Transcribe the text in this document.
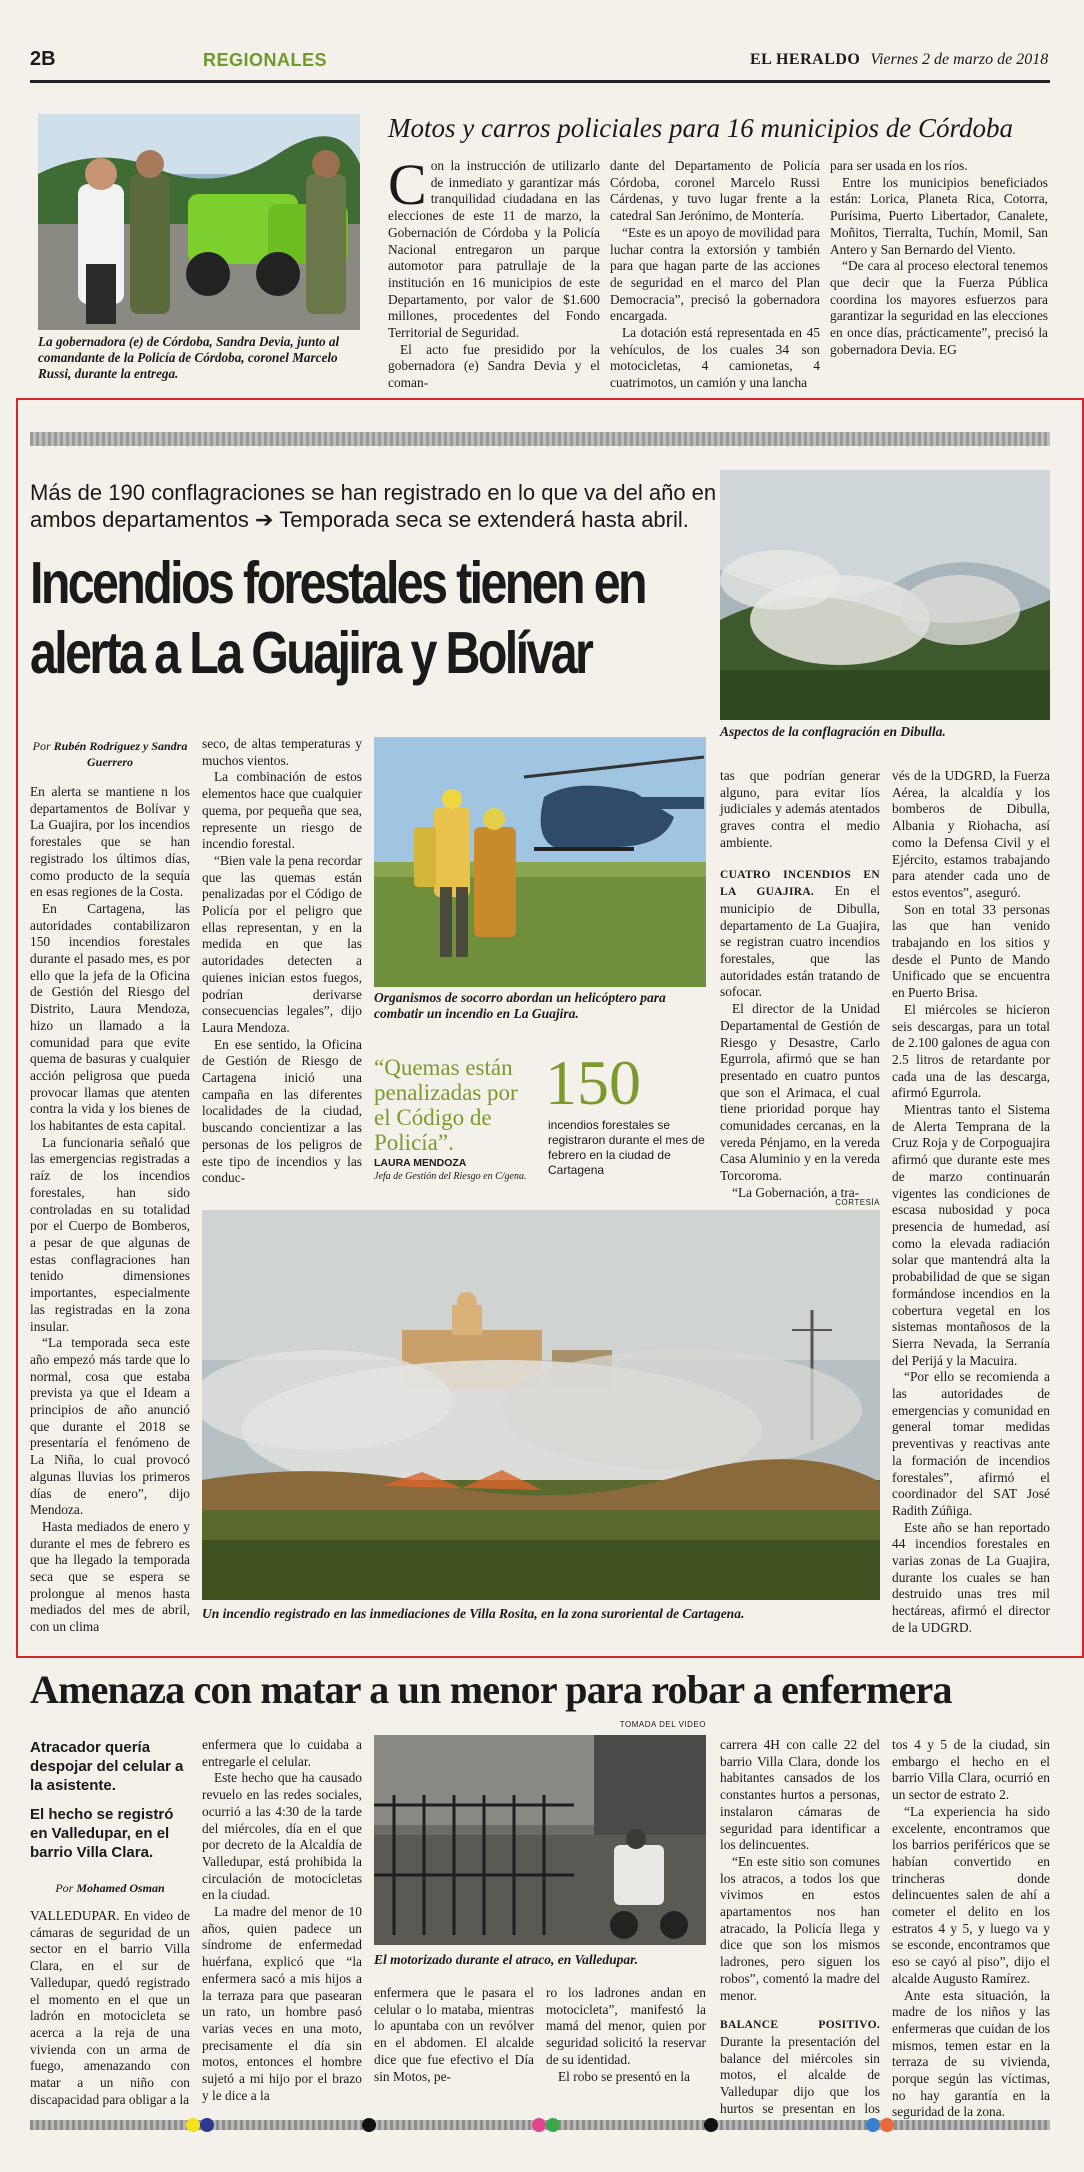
2B	REGIONALES	EL HERALDO Viernes 2 de marzo de 2018
La gobernadora (e) de Córdoba, Sandra Devia, junto al comandante de la Policía de Córdoba, coronel Marcelo Russi, durante la entrega.
Motos y carros policiales para 16 municipios de Córdoba

Con la instrucción de utilizarlo de inmediato y garantizar más tranquilidad ciudadana en las elecciones de este 11 de marzo, la Gobernación de Córdoba y la Policía Nacional entregaron un parque automotor para patrullaje de la institución en 16 municipios de este Departamento, por valor de $1.600 millones, procedentes del Fondo Territorial de Seguridad.

El acto fue presidido por la gobernadora (e) Sandra Devia y el coman-

dante del Departamento de Policía Córdoba, coronel Marcelo Russi Cárdenas, y tuvo lugar frente a la catedral San Jerónimo, de Montería.

“Este es un apoyo de movilidad para luchar contra la extorsión y también para que hagan parte de las acciones de seguridad en el marco del Plan Democracia”, precisó la gobernadora encargada.

La dotación está representada en 45 vehículos, de los cuales 34 son motocicletas, 4 camionetas, 4 cuatrimotos, un camión y una lancha

para ser usada en los ríos.

Entre los municipios beneficiados están: Lorica, Planeta Rica, Cotorra, Purísima, Puerto Libertador, Canalete, Moñitos, Tierralta, Tuchín, Momil, San Antero y San Bernardo del Viento.

“De cara al proceso electoral tenemos que decir que la Fuerza Pública coordina los mayores esfuerzos para garantizar la seguridad en las elecciones en once días, prácticamente”, precisó la gobernadora Devia. EG

Más de 190 conflagraciones se han registrado en lo que va del año en ambos departamentos ➔ Temporada seca se extenderá hasta abril.
Incendios forestales tienen en alerta a La Guajira y Bolívar
Aspectos de la conflagración en Dibulla.
Por Rubén Rodríguez y Sandra Guerrero

En alerta se mantiene n los departamentos de Bolívar y La Guajira, por los incendios forestales que se han registrado los últimos días, como producto de la sequía en esas regiones de la Costa.

En Cartagena, las autoridades contabilizaron 150 incendios forestales durante el pasado mes, es por ello que la jefa de la Oficina de Gestión del Riesgo del Distrito, Laura Mendoza, hizo un llamado a la comunidad para que evite quema de basuras y cualquier acción peligrosa que pueda provocar llamas que atenten contra la vida y los bienes de los habitantes de esta capital.

La funcionaria señaló que las emergencias registradas a raíz de los incendios forestales, han sido controladas en su totalidad por el Cuerpo de Bomberos, a pesar de que algunas de estas conflagraciones han tenido dimensiones importantes, especialmente las registradas en la zona insular.

“La temporada seca este año empezó más tarde que lo normal, cosa que estaba prevista ya que el Ideam a principios de año anunció que durante el 2018 se presentaría el fenómeno de La Niña, lo cual provocó algunas lluvias los primeros días de enero”, dijo Mendoza.

Hasta mediados de enero y durante el mes de febrero es que ha llegado la temporada seca que se espera se prolongue al menos hasta mediados del mes de abril, con un clima

seco, de altas temperaturas y muchos vientos.

La combinación de estos elementos hace que cualquier quema, por pequeña que sea, represente un riesgo de incendio forestal.

“Bien vale la pena recordar que las quemas están penalizadas por el Código de Policía por el peligro que ellas representan, y en la medida en que las autoridades detecten a quienes inician estos fuegos, podrían derivarse consecuencias legales”, dijo Laura Mendoza.

En ese sentido, la Oficina de Gestión de Riesgo de Cartagena inició una campaña en las diferentes localidades de la ciudad, buscando concientizar a las personas de los peligros de este tipo de incendios y las conduc-

Organismos de socorro abordan un helicóptero para combatir un incendio en La Guajira.
“Quemas están penalizadas por el Código de Policía”.
LAURA MENDOZA
Jefa de Gestión del Riesgo en C/gena.
150
incendios forestales se registraron durante el mes de febrero en la ciudad de Cartagena

tas que podrían generar alguno, para evitar líos judiciales y además atentados graves contra el medio ambiente.

CUATRO INCENDIOS EN LA GUAJIRA. En el municipio de Dibulla, departamento de La Guajira, se registran cuatro incendios forestales, que las autoridades están tratando de sofocar.

El director de la Unidad Departamental de Gestión de Riesgo y Desastre, Carlo Egurrola, afirmó que se han presentado en cuatro puntos que son el Arimaca, el cual tiene prioridad porque hay comunidades cercanas, en la vereda Pénjamo, en la vereda Casa Aluminio y en la vereda Torcoroma.

“La Gobernación, a tra-

vés de la UDGRD, la Fuerza Aérea, la alcaldía y los bomberos de Dibulla, Albania y Riohacha, así como la Defensa Civil y el Ejército, estamos trabajando para atender cada uno de estos eventos”, aseguró.

Son en total 33 personas las que han venido trabajando en los sitios y desde el Punto de Mando Unificado que se encuentra en Puerto Brisa.

El miércoles se hicieron seis descargas, para un total de 2.100 galones de agua con 2.5 litros de retardante por cada una de las descarga, afirmó Egurrola.

Mientras tanto el Sistema de Alerta Temprana de la Cruz Roja y de Corpoguajira afirmó que durante este mes de marzo continuarán vigentes las condiciones de escasa nubosidad y poca presencia de humedad, así como la elevada radiación solar que mantendrá alta la probabilidad de que se sigan formándose incendios en la cobertura vegetal en los sistemas montañosos de la Sierra Nevada, la Serranía del Perijá y la Macuira.

“Por ello se recomienda a las autoridades de emergencias y comunidad en general tomar medidas preventivas y reactivas ante la formación de incendios forestales”, afirmó el coordinador del SAT José Radith Zúñiga.

Este año se han reportado 44 incendios forestales en varias zonas de La Guajira, durante los cuales se han destruido unas tres mil hectáreas, afirmó el director de la UDGRD.

CORTESÍA
Un incendio registrado en las inmediaciones de Villa Rosita, en la zona suroriental de Cartagena.
Amenaza con matar a un menor para robar a enfermera
TOMADA DEL VIDEO
Atracador quería despojar del celular a la asistente.
El hecho se registró en Valledupar, en el barrio Villa Clara.
Por Mohamed Osman

VALLEDUPAR. En video de cámaras de seguridad de un sector en el barrio Villa Clara, en el sur de Valledupar, quedó registrado el momento en el que un ladrón en motocicleta se acerca a la reja de una vivienda con un arma de fuego, amenazando con matar a un niño con discapacidad para obligar a la

enfermera que lo cuidaba a entregarle el celular.

Este hecho que ha causado revuelo en las redes sociales, ocurrió a las 4:30 de la tarde del miércoles, día en el que por decreto de la Alcaldía de Valledupar, está prohibida la circulación de motocicletas en la ciudad.

La madre del menor de 10 años, quien padece un síndrome de enfermedad huérfana, explicó que “la enfermera sacó a mis hijos a la terraza para que pasearan un rato, un hombre pasó varias veces en una moto, precisamente el día sin motos, entonces el hombre sujetó a mi hijo por el brazo y le dice a la

El motorizado durante el atraco, en Valledupar.

enfermera que le pasara el celular o lo mataba, mientras lo apuntaba con un revólver en el abdomen. El alcalde dice que fue efectivo el Día sin Motos, pe-

ro los ladrones andan en motocicleta”, manifestó la mamá del menor, quien por seguridad solicitó la reservar de su identidad.

El robo se presentó en la

carrera 4H con calle 22 del barrio Villa Clara, donde los habitantes cansados de los constantes hurtos a personas, instalaron cámaras de seguridad para identificar a los delincuentes.

“En este sitio son comunes los atracos, a todos los que vivimos en estos apartamentos nos han atracado, la Policía llega y dice que son los mismos ladrones, pero siguen los robos”, comentó la madre del menor.

BALANCE POSITIVO. Durante la presentación del balance del miércoles sin motos, el alcalde de Valledupar dijo que los hurtos se presentan en los

tos 4 y 5 de la ciudad, sin embargo el hecho en el barrio Villa Clara, ocurrió en un sector de estrato 2.

“La experiencia ha sido excelente, encontramos que los barrios periféricos que se habían convertido en trincheras donde delincuentes salen de ahí a cometer el delito en los estratos 4 y 5, y luego va y se esconde, encontramos que eso se cayó al piso”, dijo el alcalde Augusto Ramírez.

Ante esta situación, la madre de los niños y las enfermeras que cuidan de los mismos, temen estar en la terraza de su vivienda, porque según las víctimas, no hay garantía en la seguridad de la zona.
